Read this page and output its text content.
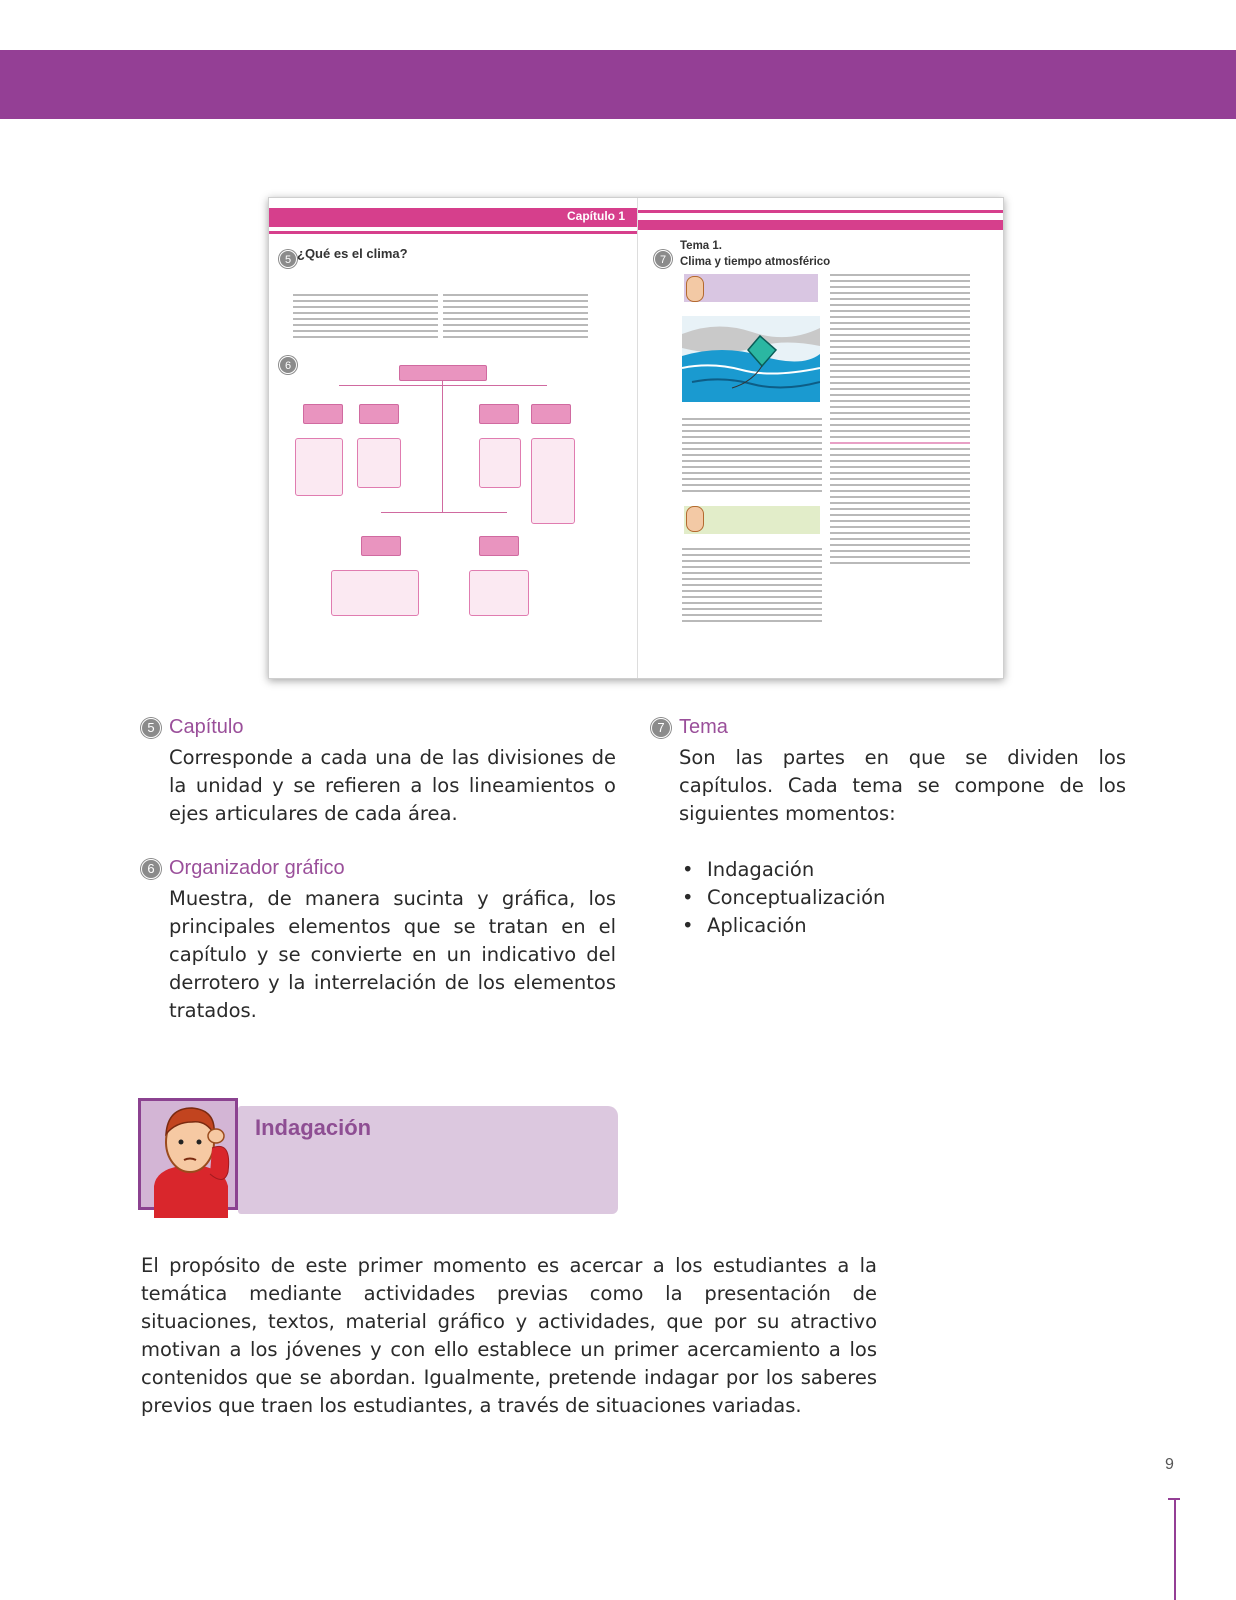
Capítulo 1
5 ¿Qué es el clima?
6
7
Tema 1.
Clima y tiempo atmosférico
5 Capítulo
Corresponde a cada una de las divisiones de la unidad y se refieren a los lineamientos o ejes articulares de cada área.
6 Organizador gráfico
Muestra, de manera sucinta y gráfica, los principales elementos que se tratan en el capítulo y se convierte en un indicativo del derrotero y la interrelación de los elementos tratados.
7 Tema
Son las partes en que se dividen los capítulos. Cada tema se compone de los siguientes momentos:
• Indagación
• Conceptualización
• Aplicación
Indagación

El propósito de este primer momento es acercar a los estudiantes a la temática mediante actividades previas como la presentación de situaciones, textos, material gráfico y actividades, que por su atractivo motivan a los jóvenes y con ello establece un primer acercamiento a los contenidos que se abordan. Igualmente, pretende indagar por los saberes previos que traen los estudiantes, a través de situaciones variadas.

9
